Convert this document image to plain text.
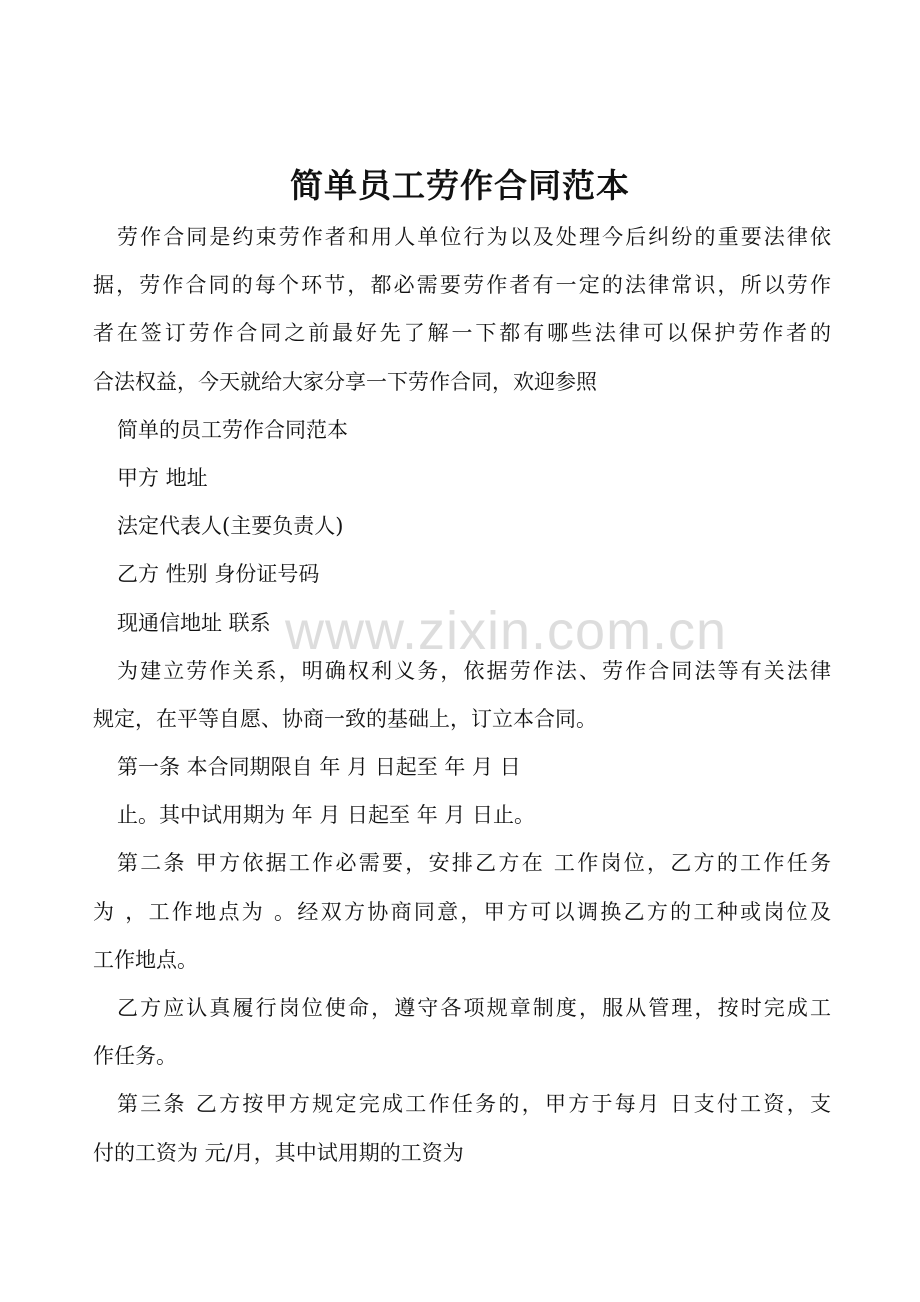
简单员工劳作合同范本
劳作合同是约束劳作者和用人单位行为以及处理今后纠纷的重要法律依
据，劳作合同的每个环节，都必需要劳作者有一定的法律常识，所以劳作
者在签订劳作合同之前最好先了解一下都有哪些法律可以保护劳作者的
合法权益，今天就给大家分享一下劳作合同，欢迎参照
简单的员工劳作合同范本
甲方 地址
法定代表人(主要负责人)
乙方 性别 身份证号码
现通信地址 联系
为建立劳作关系，明确权利义务，依据劳作法、劳作合同法等有关法律
规定，在平等自愿、协商一致的基础上，订立本合同。
第一条 本合同期限自 年 月 日起至 年 月 日
止。其中试用期为 年 月 日起至 年 月 日止。
第二条 甲方依据工作必需要，安排乙方在 工作岗位，乙方的工作任务
为 ，工作地点为 。经双方协商同意，甲方可以调换乙方的工种或岗位及
工作地点。
乙方应认真履行岗位使命，遵守各项规章制度，服从管理，按时完成工
作任务。
第三条 乙方按甲方规定完成工作任务的，甲方于每月 日支付工资，支
付的工资为 元/月，其中试用期的工资为
www.zixin.com.cn
